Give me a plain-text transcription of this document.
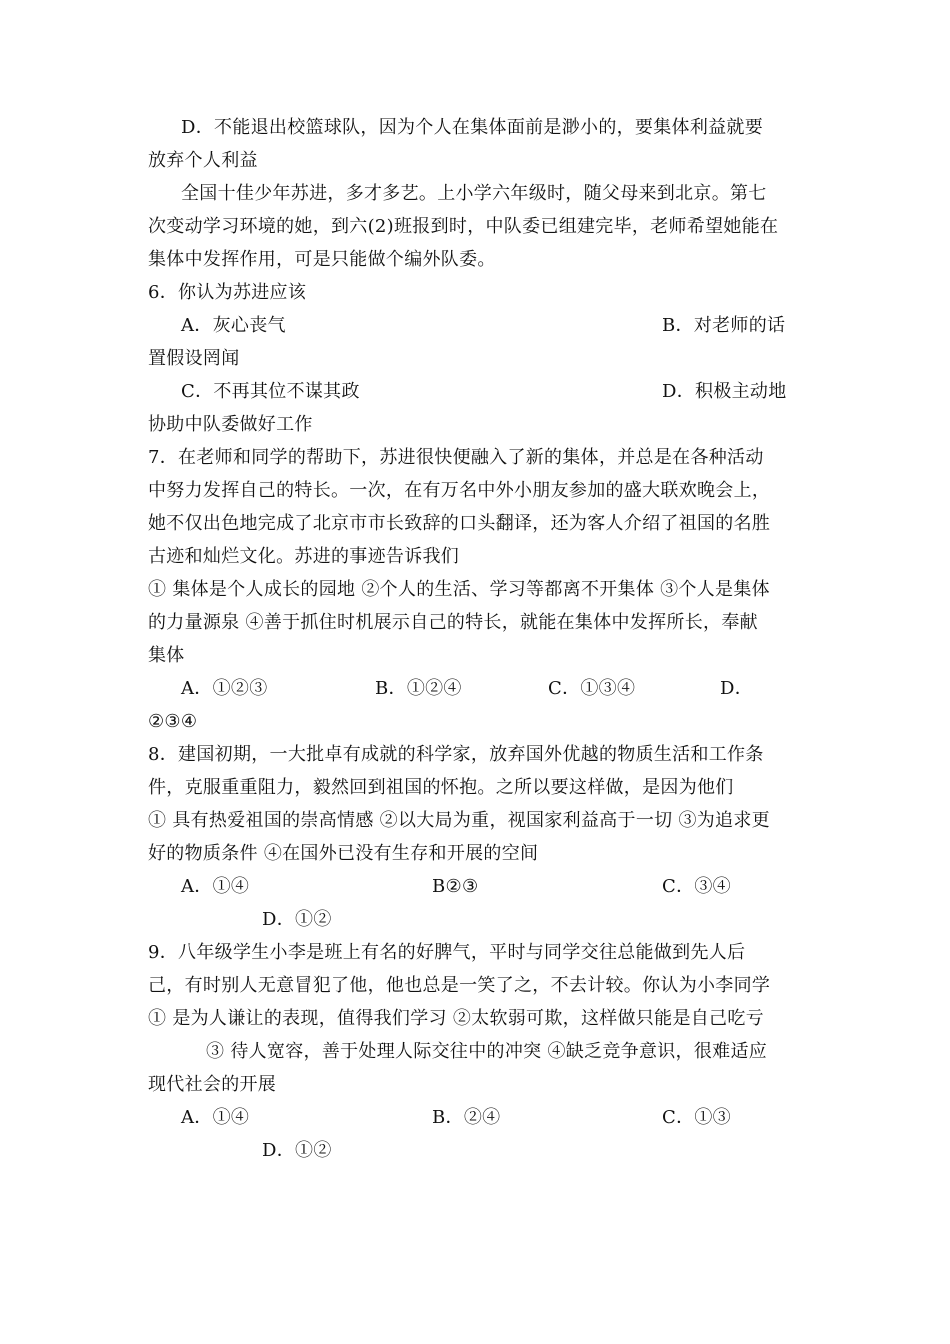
D．不能退出校篮球队，因为个人在集体面前是渺小的，要集体利益就要
放弃个人利益
全国十佳少年苏进，多才多艺。上小学六年级时，随父母来到北京。第七
次变动学习环境的她，到六(2)班报到时，中队委已组建完毕，老师希望她能在
集体中发挥作用，可是只能做个编外队委。
6．你认为苏进应该
A．灰心丧气	B．对老师的话
置假设罔闻
C．不再其位不谋其政	D．积极主动地
协助中队委做好工作
7．在老师和同学的帮助下，苏进很快便融入了新的集体，并总是在各种活动
中努力发挥自己的特长。一次，在有万名中外小朋友参加的盛大联欢晚会上，
她不仅出色地完成了北京市市长致辞的口头翻译，还为客人介绍了祖国的名胜
古迹和灿烂文化。苏进的事迹告诉我们
① 集体是个人成长的园地 ②个人的生活、学习等都离不开集体 ③个人是集体
的力量源泉 ④善于抓住时机展示自己的特长，就能在集体中发挥所长，奉献
集体
A．①②③	B．①②④	C．①③④	D．
②③④
8．建国初期，一大批卓有成就的科学家，放弃国外优越的物质生活和工作条
件，克服重重阻力，毅然回到祖国的怀抱。之所以要这样做，是因为他们
① 具有热爱祖国的崇高情感 ②以大局为重，视国家利益高于一切 ③为追求更
好的物质条件 ④在国外已没有生存和开展的空间
A．①④	B②③	C．③④
D．①②
9．八年级学生小李是班上有名的好脾气，平时与同学交往总能做到先人后
己，有时别人无意冒犯了他，他也总是一笑了之，不去计较。你认为小李同学
① 是为人谦让的表现，值得我们学习 ②太软弱可欺，这样做只能是自己吃亏
③ 待人宽容，善于处理人际交往中的冲突 ④缺乏竞争意识，很难适应
现代社会的开展
A．①④	B．②④	C．①③
D．①②
